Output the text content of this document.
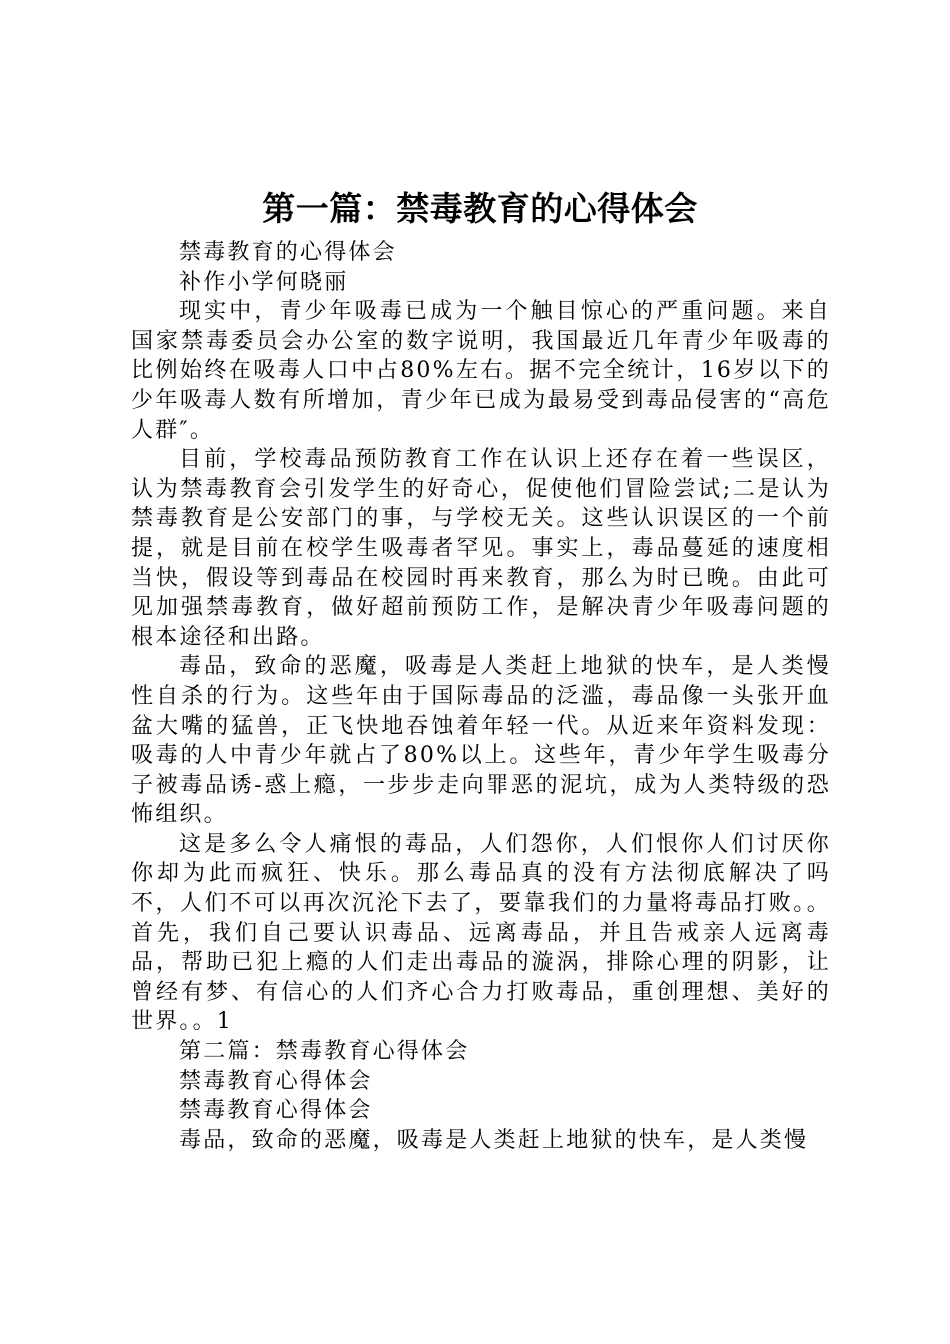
第一篇：禁毒教育的心得体会

禁毒教育的心得体会

补作小学何晓丽

现实中，青少年吸毒已成为一个触目惊心的严重问题。来自国家禁毒委员会办公室的数字说明，我国最近几年青少年吸毒的比例始终在吸毒人口中占80%左右。据不完全统计，16岁以下的少年吸毒人数有所增加，青少年已成为最易受到毒品侵害的“高危人群″。

目前，学校毒品预防教育工作在认识上还存在着一些误区，认为禁毒教育会引发学生的好奇心，促使他们冒险尝试;二是认为禁毒教育是公安部门的事，与学校无关。这些认识误区的一个前提，就是目前在校学生吸毒者罕见。事实上，毒品蔓延的速度相当快，假设等到毒品在校园时再来教育，那么为时已晚。由此可见加强禁毒教育，做好超前预防工作，是解决青少年吸毒问题的根本途径和出路。

毒品，致命的恶魔，吸毒是人类赶上地狱的快车，是人类慢性自杀的行为。这些年由于国际毒品的泛滥，毒品像一头张开血盆大嘴的猛兽，正飞快地吞蚀着年轻一代。从近来年资料发现：吸毒的人中青少年就占了80%以上。这些年，青少年学生吸毒分子被毒品诱-惑上瘾，一步步走向罪恶的泥坑，成为人类特级的恐怖组织。

这是多么令人痛恨的毒品，人们怨你，人们恨你人们讨厌你你却为此而疯狂、快乐。那么毒品真的没有方法彻底解决了吗不，人们不可以再次沉沦下去了，要靠我们的力量将毒品打败。。首先，我们自己要认识毒品、远离毒品，并且告戒亲人远离毒品，帮助已犯上瘾的人们走出毒品的漩涡，排除心理的阴影，让曾经有梦、有信心的人们齐心合力打败毒品，重创理想、美好的世界。。1

第二篇：禁毒教育心得体会

禁毒教育心得体会

禁毒教育心得体会

毒品，致命的恶魔，吸毒是人类赶上地狱的快车，是人类慢
